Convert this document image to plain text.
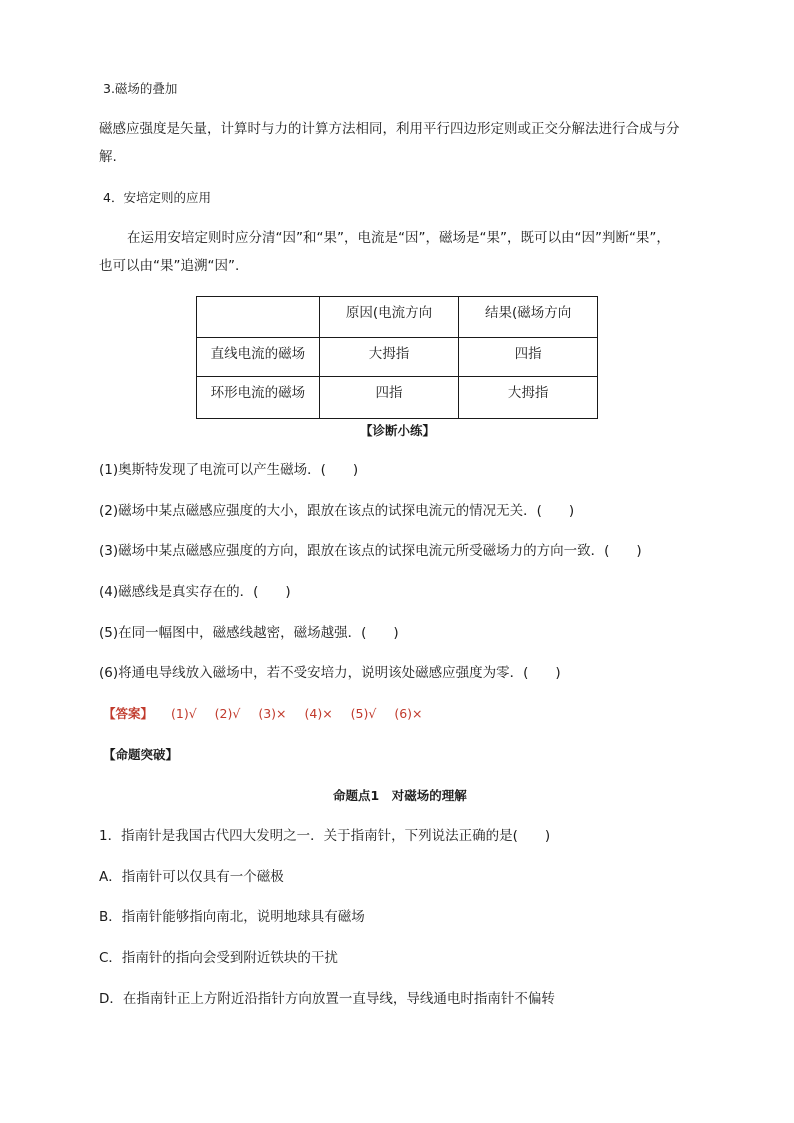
3.磁场的叠加
磁感应强度是矢量，计算时与力的计算方法相同，利用平行四边形定则或正交分解法进行合成与分
解.
4．安培定则的应用
在运用安培定则时应分清“因”和“果”，电流是“因”，磁场是“果”，既可以由“因”判断“果”，
也可以由“果”追溯“因”.
	原因(电流方向	结果(磁场方向
直线电流的磁场	大拇指	四指
环形电流的磁场	四指	大拇指
【诊断小练】
(1)奥斯特发现了电流可以产生磁场．(　　)
(2)磁场中某点磁感应强度的大小，跟放在该点的试探电流元的情况无关．(　　)
(3)磁场中某点磁感应强度的方向，跟放在该点的试探电流元所受磁场力的方向一致．(　　)
(4)磁感线是真实存在的．(　　)
(5)在同一幅图中，磁感线越密，磁场越强．(　　)
(6)将通电导线放入磁场中，若不受安培力，说明该处磁感应强度为零．(　　)
【答案】 (1)√ (2)√ (3)× (4)× (5)√ (6)×
【命题突破】
命题点1　对磁场的理解
1．指南针是我国古代四大发明之一．关于指南针，下列说法正确的是(　　)
A．指南针可以仅具有一个磁极
B．指南针能够指向南北，说明地球具有磁场
C．指南针的指向会受到附近铁块的干扰
D．在指南针正上方附近沿指针方向放置一直导线，导线通电时指南针不偏转
